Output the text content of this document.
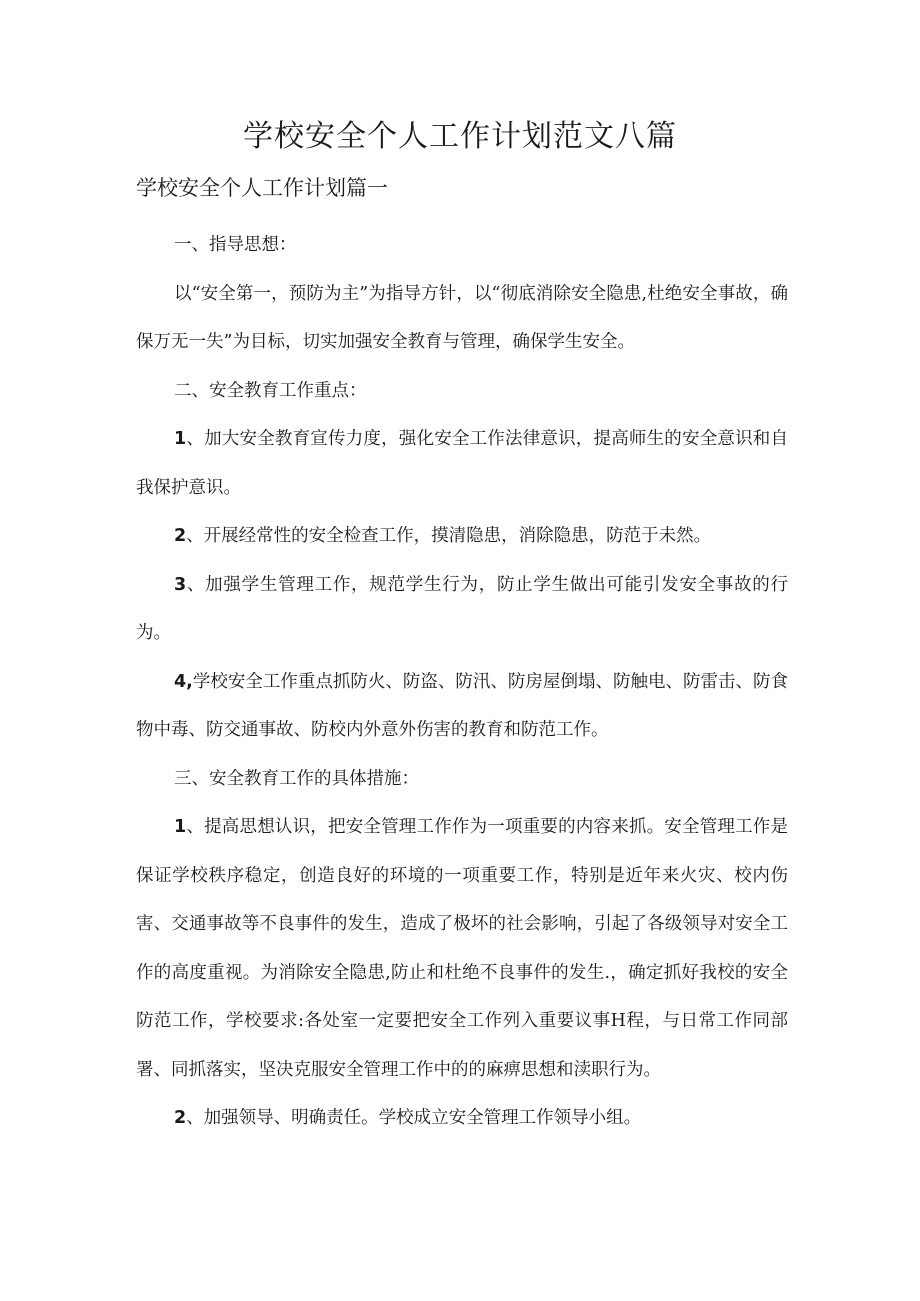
学校安全个人工作计划范文八篇
学校安全个人工作计划篇一

一、指导思想：

以“安全第一，预防为主”为指导方针，以“彻底消除安全隐患,杜绝安全事故，确保万无一失”为目标，切实加强安全教育与管理，确保学生安全。

二、安全教育工作重点：

1、加大安全教育宣传力度，强化安全工作法律意识，提高师生的安全意识和自我保护意识。

2、开展经常性的安全检查工作，摸清隐患，消除隐患，防范于未然。

3、加强学生管理工作，规范学生行为，防止学生做出可能引发安全事故的行为。

4,学校安全工作重点抓防火、防盗、防汛、防房屋倒塌、防触电、防雷击、防食物中毒、防交通事故、防校内外意外伤害的教育和防范工作。

三、安全教育工作的具体措施：

1、提高思想认识，把安全管理工作作为一项重要的内容来抓。安全管理工作是保证学校秩序稳定，创造良好的环境的一项重要工作，特别是近年来火灾、校内伤害、交通事故等不良事件的发生，造成了极坏的社会影响，引起了各级领导对安全工作的高度重视。为消除安全隐患,防止和杜绝不良事件的发生.，确定抓好我校的安全防范工作，学校要求:各处室一定要把安全工作列入重要议事H程，与日常工作同部署、同抓落实，坚决克服安全管理工作中的的麻痹思想和渎职行为。

2、加强领导、明确责任。学校成立安全管理工作领导小组。
